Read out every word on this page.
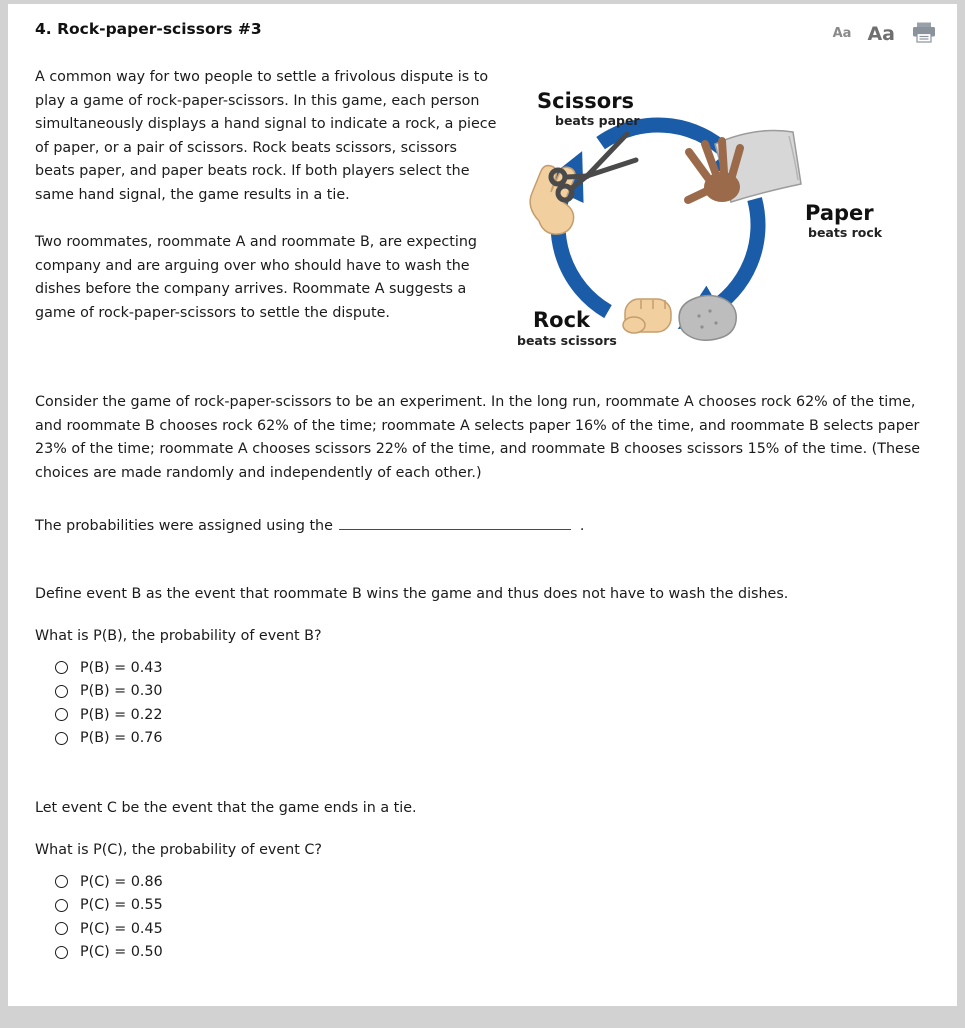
4. Rock-paper-scissors #3	Aa Aa

A common way for two people to settle a frivolous dispute is to play a game of rock-paper-scissors. In this game, each person simultaneously displays a hand signal to indicate a rock, a piece of paper, or a pair of scissors. Rock beats scissors, scissors beats paper, and paper beats rock. If both players select the same hand signal, the game results in a tie.

Two roommates, roommate A and roommate B, are expecting company and are arguing over who should have to wash the dishes before the company arrives. Roommate A suggests a game of rock-paper-scissors to settle the dispute.

Scissors
beats paper
Paper
beats rock
Rock
beats scissors
Consider the game of rock-paper-scissors to be an experiment. In the long run, roommate A chooses rock 62% of the time, and roommate B chooses rock 62% of the time; roommate A selects paper 16% of the time, and roommate B selects paper 23% of the time; roommate A chooses scissors 22% of the time, and roommate B chooses scissors 15% of the time. (These choices are made randomly and independently of each other.)
The probabilities were assigned using the	.
Define event B as the event that roommate B wins the game and thus does not have to wash the dishes.
What is P(B), the probability of event B?
P(B) = 0.43
P(B) = 0.30
P(B) = 0.22
P(B) = 0.76
Let event C be the event that the game ends in a tie.
What is P(C), the probability of event C?
P(C) = 0.86
P(C) = 0.55
P(C) = 0.45
P(C) = 0.50
